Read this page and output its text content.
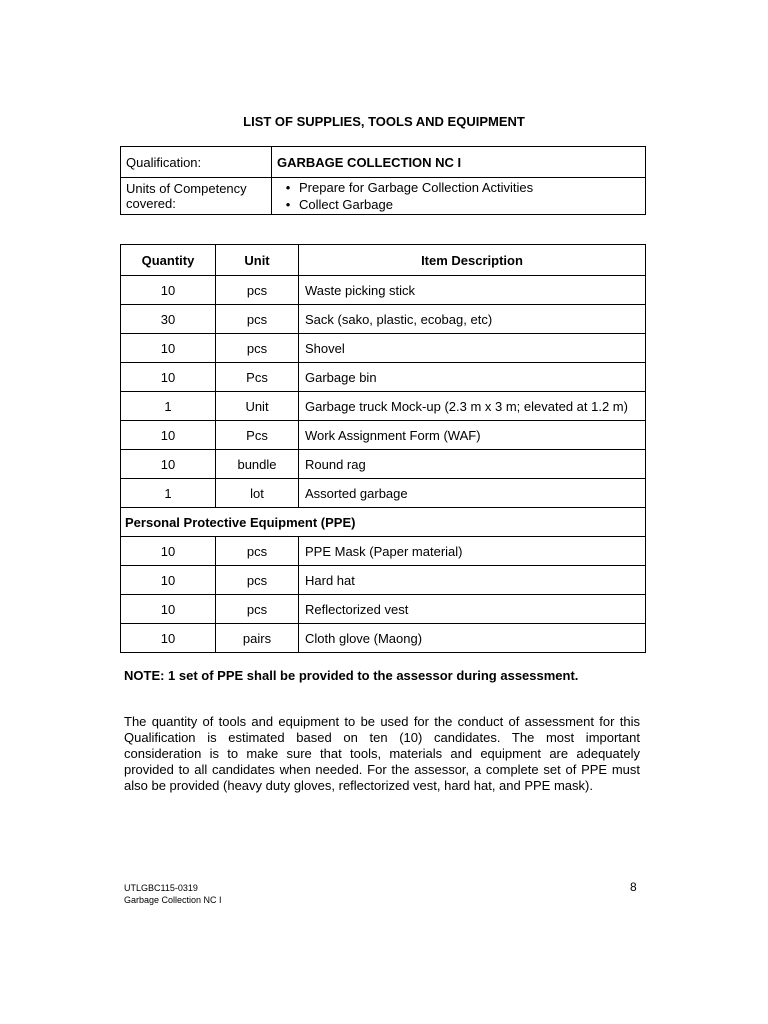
LIST OF SUPPLIES, TOOLS AND EQUIPMENT
Qualification:	GARBAGE COLLECTION NC I
Units of Competency covered:	• Prepare for Garbage Collection Activities
• Collect Garbage
Quantity	Unit	Item Description
10	pcs	Waste picking stick
30	pcs	Sack (sako, plastic, ecobag, etc)
10	pcs	Shovel
10	Pcs	Garbage bin
1	Unit	Garbage truck Mock-up (2.3 m x 3 m; elevated at 1.2 m)
10	Pcs	Work Assignment Form (WAF)
10	bundle	Round rag
1	lot	Assorted garbage
Personal Protective Equipment (PPE)		
10	pcs	PPE Mask (Paper material)
10	pcs	Hard hat
10	pcs	Reflectorized vest
10	pairs	Cloth glove (Maong)
NOTE: 1 set of PPE shall be provided to the assessor during assessment.

The quantity of tools and equipment to be used for the conduct of assessment for this Qualification is estimated based on ten (10) candidates. The most important consideration is to make sure that tools, materials and equipment are adequately provided to all candidates when needed. For the assessor, a complete set of PPE must also be provided (heavy duty gloves, reflectorized vest, hard hat, and PPE mask).

UTLGBC115-0319
Garbage Collection NC I
8
